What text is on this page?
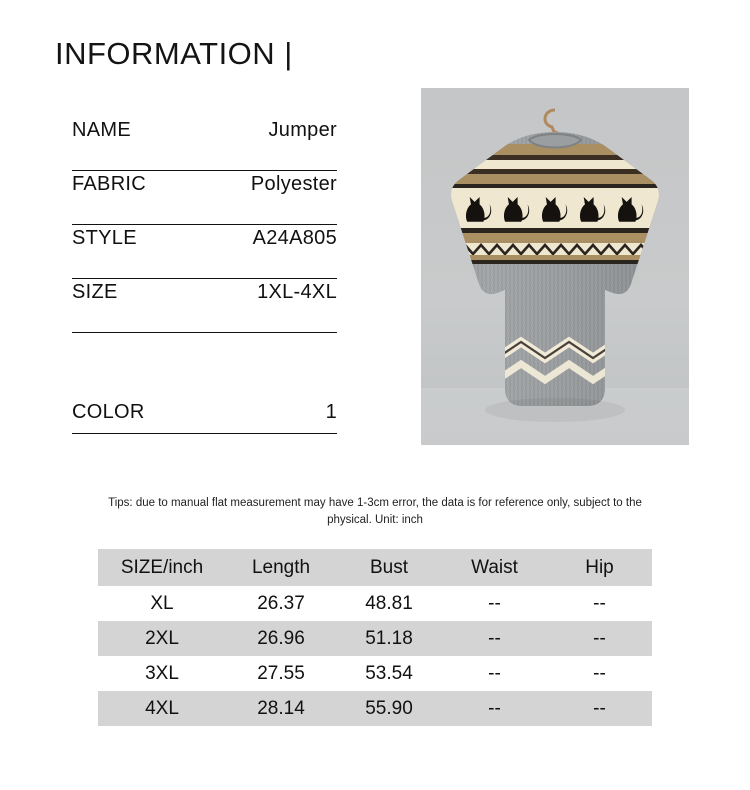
INFORMATION |
NAME	Jumper
FABRIC	Polyester
STYLE	A24A805
SIZE	1XL-4XL
COLOR	1
Tips: due to manual flat measurement may have 1-3cm error, the data is for reference only, subject to the physical. Unit: inch
SIZE/inch	Length	Bust	Waist	Hip
XL	26.37	48.81	--	--
2XL	26.96	51.18	--	--
3XL	27.55	53.54	--	--
4XL	28.14	55.90	--	--
